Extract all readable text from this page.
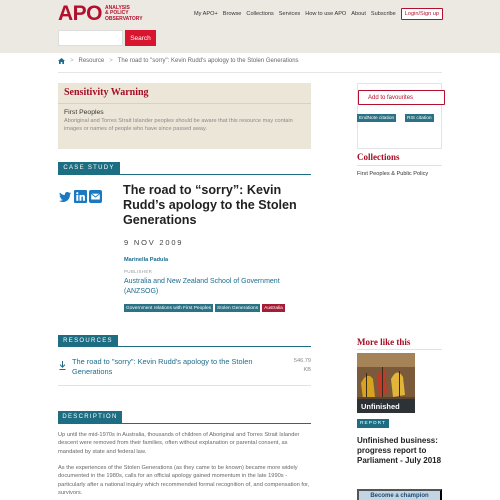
APO ANALYSIS
& POLICY
OBSERVATORY
My APO+ Browse Collections Services How to use APO About Subscribe	Login/Sign up
Search
> Resource > The road to "sorry": Kevin Rudd's apology to the Stolen Generations
Sensitivity Warning
First Peoples
Aboriginal and Torres Strait Islander peoples should be aware that this resource may contain images or names of people who have since passed away.
CASE STUDY
The road to “sorry”: Kevin Rudd’s apology to the Stolen Generations
9 NOV 2009
Marinella Padula
PUBLISHER
Australia and New Zealand School of Government (ANZSOG)
Government relations with First Peoples	Stolen Generations	Australia
RESOURCES
The road to "sorry": Kevin Rudd's apology to the Stolen Generations
546.79 KB
DESCRIPTION

Up until the mid-1970s in Australia, thousands of children of Aboriginal and Torres Strait Islander descent were removed from their families, often without explanation or parental consent, as mandated by state and federal law.

As the experiences of the Stolen Generations (as they came to be known) became more widely documented in the 1980s, calls for an official apology gained momentum in the late 1990s - particularly after a national inquiry which recommended formal recognition of, and compensation for, survivors.

Add to favourites
EndNote citation	RIS citation
Collections
First Peoples & Public Policy
More like this
Unfinished
REPORT
Unfinished business: progress report to Parliament - July 2018
Become a champion
